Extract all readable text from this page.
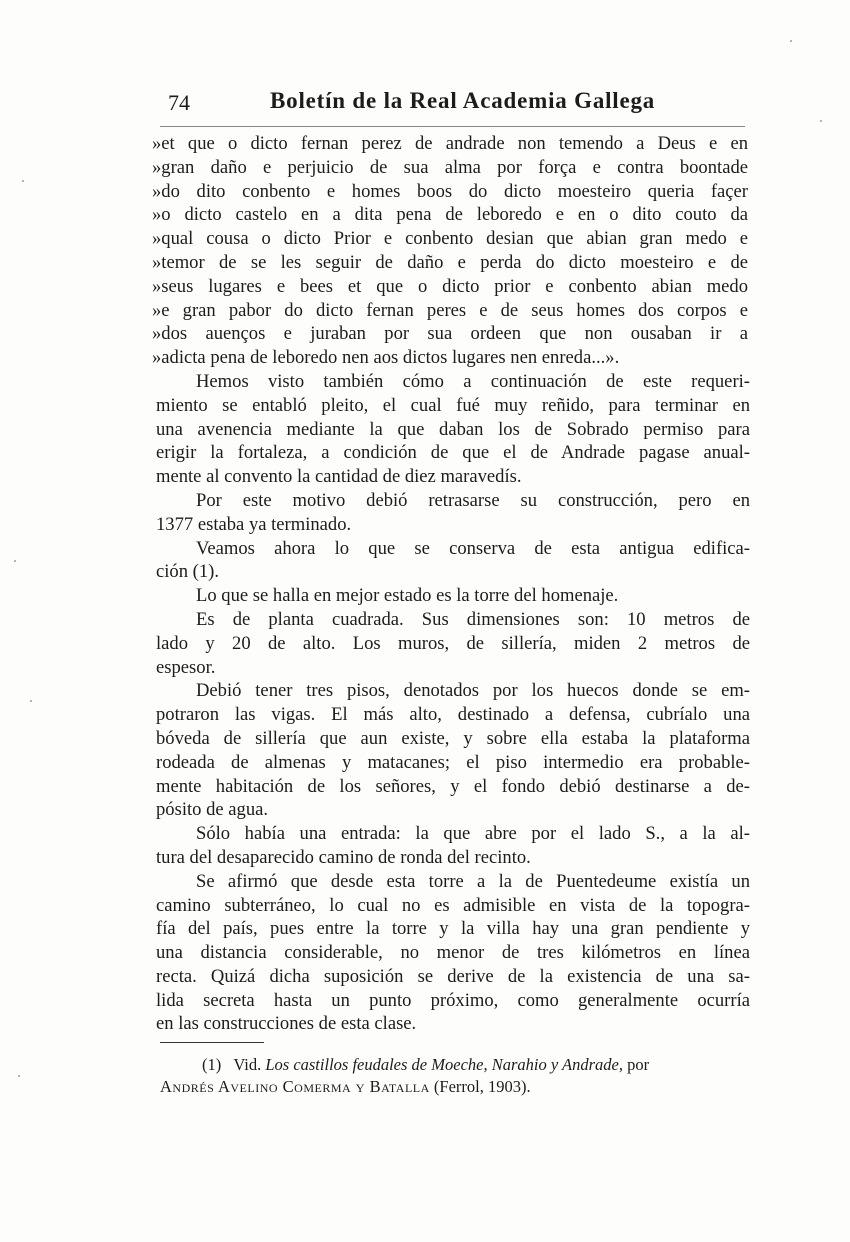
74	Boletín de la Real Academia Gallega
»et que o dicto fernan perez de andrade non temendo a Deus e en
»gran daño e perjuicio de sua alma por força e contra boontade
»do dito conbento e homes boos do dicto moesteiro queria façer
»o dicto castelo en a dita pena de leboredo e en o dito couto da
»qual cousa o dicto Prior e conbento desian que abian gran medo e
»temor de se les seguir de daño e perda do dicto moesteiro e de
»seus lugares e bees et que o dicto prior e conbento abian medo
»e gran pabor do dicto fernan peres e de seus homes dos corpos e
»dos auenços e juraban por sua ordeen que non ousaban ir a
»adicta pena de leboredo nen aos dictos lugares nen enreda...».
Hemos visto también cómo a continuación de este requeri-
miento se entabló pleito, el cual fué muy reñido, para terminar en
una avenencia mediante la que daban los de Sobrado permiso para
erigir la fortaleza, a condición de que el de Andrade pagase anual-
mente al convento la cantidad de diez maravedís.
Por este motivo debió retrasarse su construcción, pero en
1377 estaba ya terminado.
Veamos ahora lo que se conserva de esta antigua edifica-
ción (1).
Lo que se halla en mejor estado es la torre del homenaje.
Es de planta cuadrada. Sus dimensiones son: 10 metros de
lado y 20 de alto. Los muros, de sillería, miden 2 metros de
espesor.
Debió tener tres pisos, denotados por los huecos donde se em-
potraron las vigas. El más alto, destinado a defensa, cubríalo una
bóveda de sillería que aun existe, y sobre ella estaba la plataforma
rodeada de almenas y matacanes; el piso intermedio era probable-
mente habitación de los señores, y el fondo debió destinarse a de-
pósito de agua.
Sólo había una entrada: la que abre por el lado S., a la al-
tura del desaparecido camino de ronda del recinto.
Se afirmó que desde esta torre a la de Puentedeume existía un
camino subterráneo, lo cual no es admisible en vista de la topogra-
fía del país, pues entre la torre y la villa hay una gran pendiente y
una distancia considerable, no menor de tres kilómetros en línea
recta. Quizá dicha suposición se derive de la existencia de una sa-
lida secreta hasta un punto próximo, como generalmente ocurría
en las construcciones de esta clase.
(1) Vid. Los castillos feudales de Moeche, Narahio y Andrade, por
Andrés Avelino Comerma y Batalla (Ferrol, 1903).
